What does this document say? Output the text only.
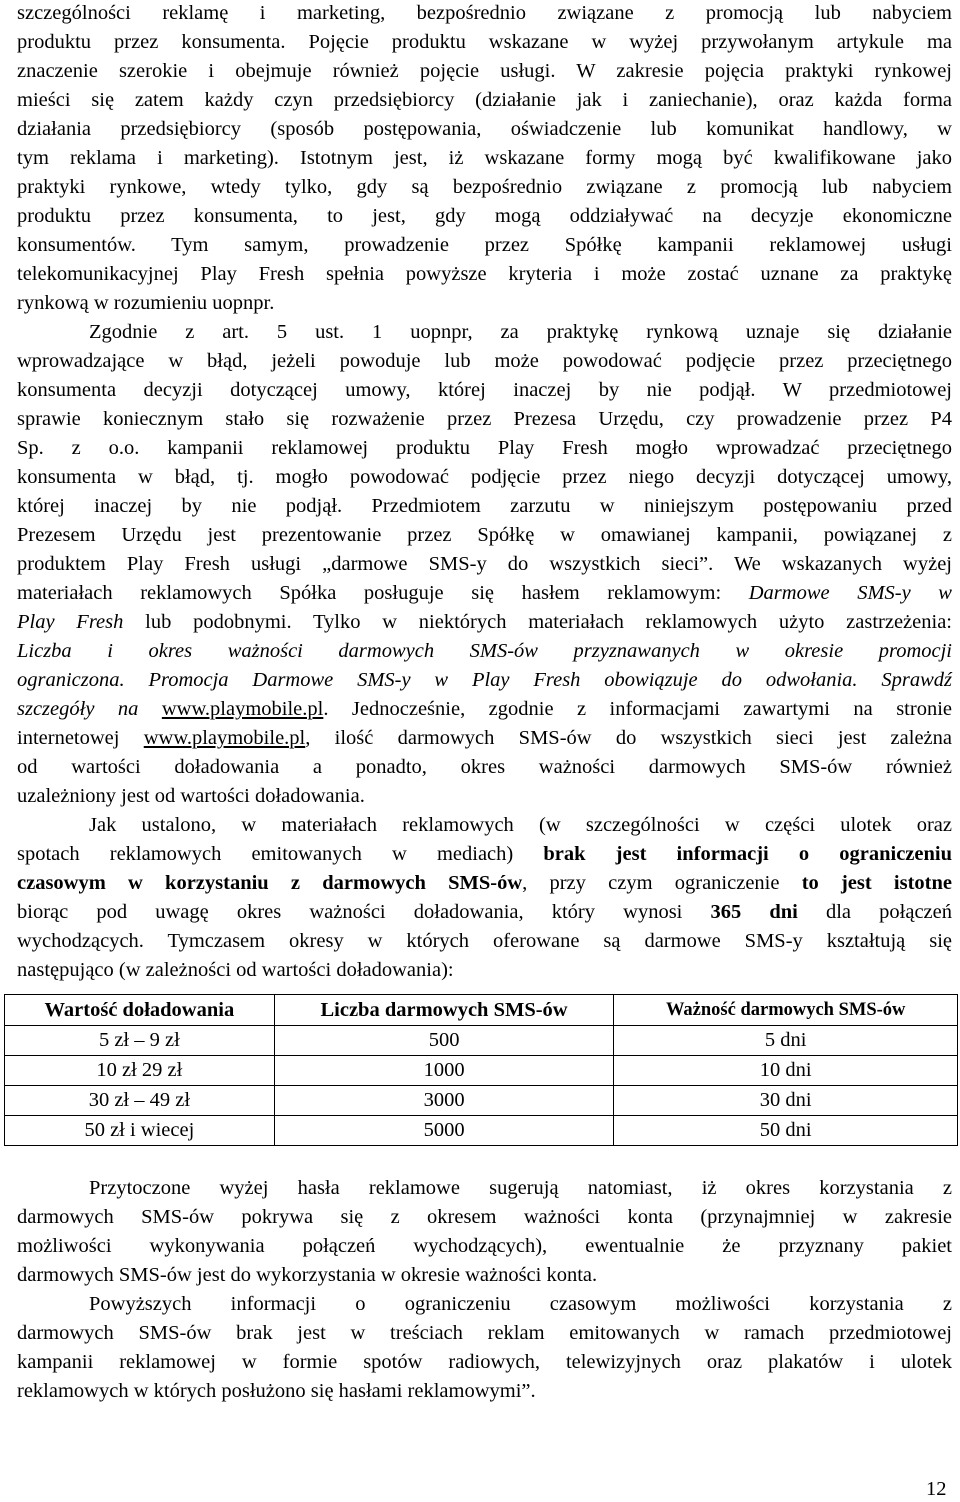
szczególności reklamę i marketing, bezpośrednio związane z promocją lub nabyciem
produktu przez konsumenta. Pojęcie produktu wskazane w wyżej przywołanym artykule ma
znaczenie szerokie i obejmuje również pojęcie usługi. W zakresie pojęcia praktyki rynkowej
mieści się zatem każdy czyn przedsiębiorcy (działanie jak i zaniechanie), oraz każda forma
działania przedsiębiorcy (sposób postępowania, oświadczenie lub komunikat handlowy, w
tym reklama i marketing). Istotnym jest, iż wskazane formy mogą być kwalifikowane jako
praktyki rynkowe, wtedy tylko, gdy są bezpośrednio związane z promocją lub nabyciem
produktu przez konsumenta, to jest, gdy mogą oddziaływać na decyzje ekonomiczne
konsumentów. Tym samym, prowadzenie przez Spółkę kampanii reklamowej usługi
telekomunikacyjnej Play Fresh spełnia powyższe kryteria i może zostać uznane za praktykę
rynkową w rozumieniu uopnpr.
Zgodnie z art. 5 ust. 1 uopnpr, za praktykę rynkową uznaje się działanie
wprowadzające w błąd, jeżeli powoduje lub może powodować podjęcie przez przeciętnego
konsumenta decyzji dotyczącej umowy, której inaczej by nie podjął. W przedmiotowej
sprawie koniecznym stało się rozważenie przez Prezesa Urzędu, czy prowadzenie przez P4
Sp. z o.o. kampanii reklamowej produktu Play Fresh mogło wprowadzać przeciętnego
konsumenta w błąd, tj. mogło powodować podjęcie przez niego decyzji dotyczącej umowy,
której inaczej by nie podjął. Przedmiotem zarzutu w niniejszym postępowaniu przed
Prezesem Urzędu jest prezentowanie przez Spółkę w omawianej kampanii, powiązanej z
produktem Play Fresh usługi „darmowe SMS-y do wszystkich sieci”. We wskazanych wyżej
materiałach reklamowych Spółka posługuje się hasłem reklamowym: Darmowe SMS-y w
Play Fresh lub podobnymi. Tylko w niektórych materiałach reklamowych użyto zastrzeżenia:
Liczba i okres ważności darmowych SMS-ów przyznawanych w okresie promocji
ograniczona. Promocja Darmowe SMS-y w Play Fresh obowiązuje do odwołania. Sprawdź
szczegóły na www.playmobile.pl. Jednocześnie, zgodnie z informacjami zawartymi na stronie
internetowej www.playmobile.pl, ilość darmowych SMS-ów do wszystkich sieci jest zależna
od wartości doładowania a ponadto, okres ważności darmowych SMS-ów również
uzależniony jest od wartości doładowania.
Jak ustalono, w materiałach reklamowych (w szczególności w części ulotek oraz
spotach reklamowych emitowanych w mediach) brak jest informacji o ograniczeniu
czasowym w korzystaniu z darmowych SMS-ów, przy czym ograniczenie to jest istotne
biorąc pod uwagę okres ważności doładowania, który wynosi 365 dni dla połączeń
wychodzących. Tymczasem okresy w których oferowane są darmowe SMS-y kształtują się
następująco (w zależności od wartości doładowania):
Wartość doładowania	Liczba darmowych SMS-ów	Ważność darmowych SMS-ów
5 zł – 9 zł	500	5 dni
10 zł 29 zł	1000	10 dni
30 zł – 49 zł	3000	30 dni
50 zł i wiecej	5000	50 dni
Przytoczone wyżej hasła reklamowe sugerują natomiast, iż okres korzystania z
darmowych SMS-ów pokrywa się z okresem ważności konta (przynajmniej w zakresie
możliwości wykonywania połączeń wychodzących), ewentualnie że przyznany pakiet
darmowych SMS-ów jest do wykorzystania w okresie ważności konta.
Powyższych informacji o ograniczeniu czasowym możliwości korzystania z
darmowych SMS-ów brak jest w treściach reklam emitowanych w ramach przedmiotowej
kampanii reklamowej w formie spotów radiowych, telewizyjnych oraz plakatów i ulotek
reklamowych w których posłużono się hasłami reklamowymi”.
12
